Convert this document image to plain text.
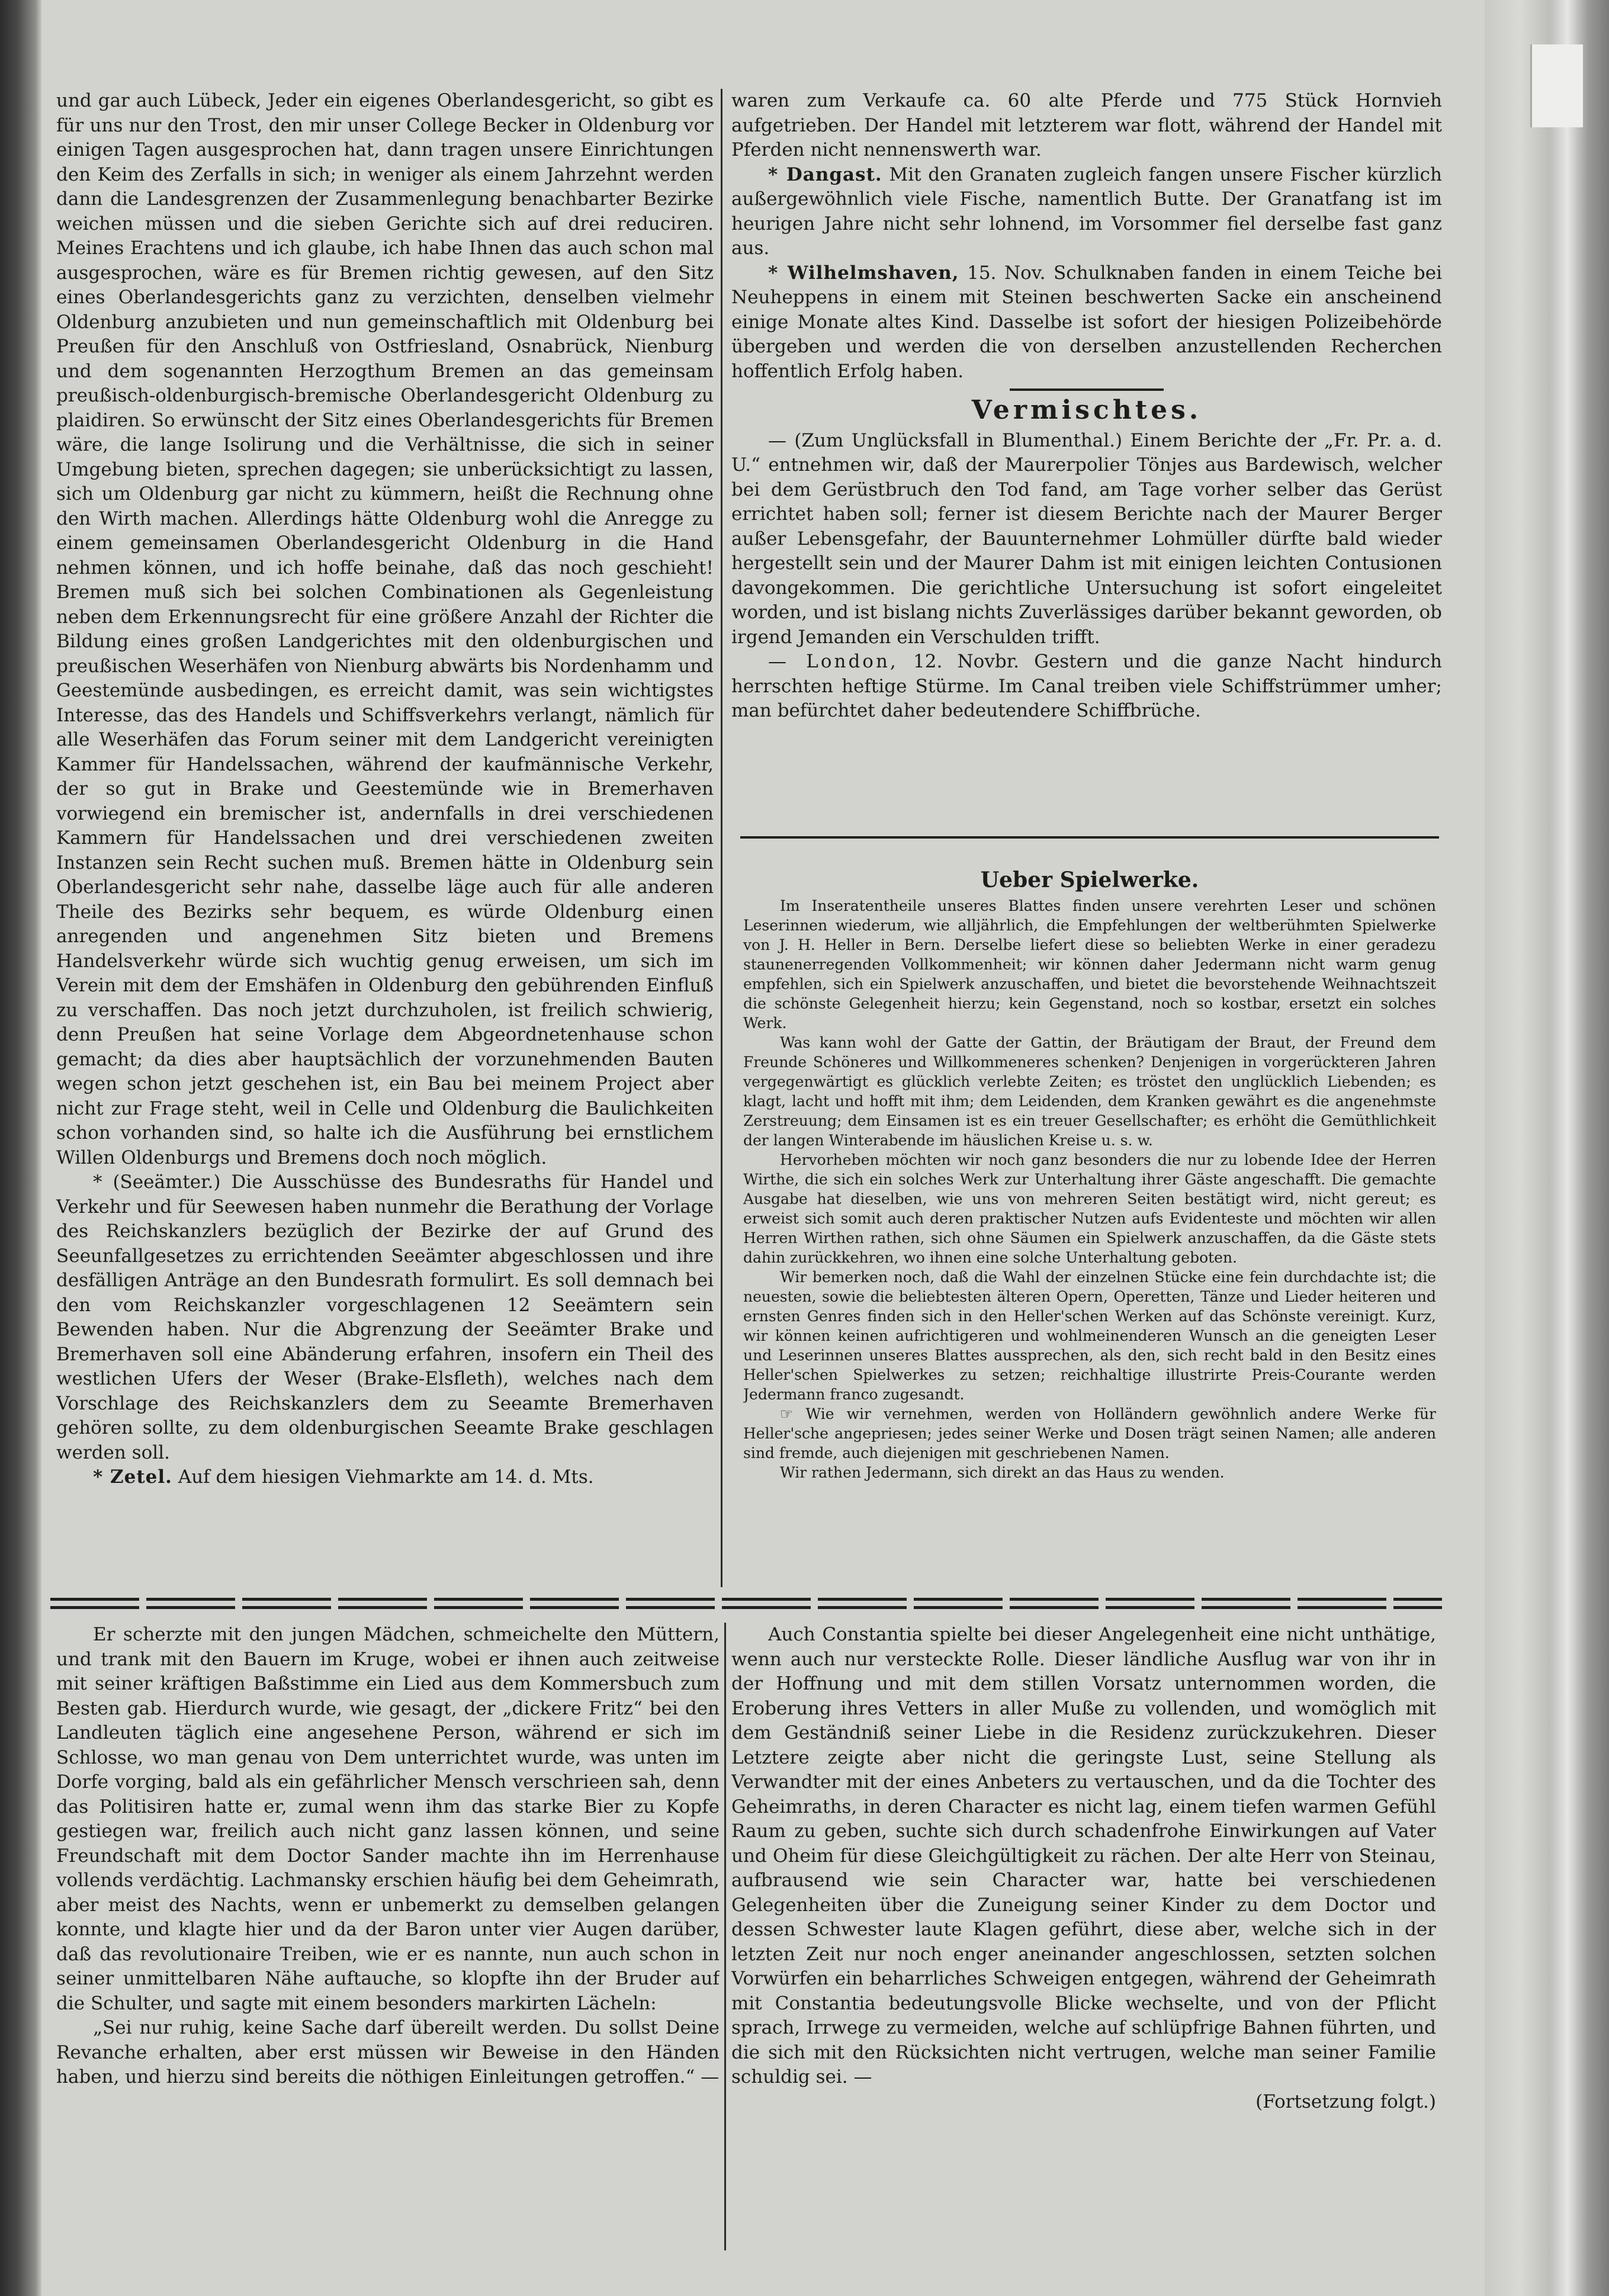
und gar auch Lübeck, Jeder ein eigenes Oberlandesgericht, so gibt es für uns nur den Trost, den mir unser College Becker in Oldenburg vor einigen Tagen ausgesprochen hat, dann tragen unsere Einrichtungen den Keim des Zerfalls in sich; in weniger als einem Jahrzehnt werden dann die Landesgrenzen der Zusammenlegung benachbarter Bezirke weichen müssen und die sieben Gerichte sich auf drei reduciren. Meines Erachtens und ich glaube, ich habe Ihnen das auch schon mal ausgesprochen, wäre es für Bremen richtig gewesen, auf den Sitz eines Oberlandesgerichts ganz zu verzichten, denselben vielmehr Oldenburg anzubieten und nun gemeinschaftlich mit Oldenburg bei Preußen für den Anschluß von Ostfriesland, Osnabrück, Nienburg und dem sogenannten Herzogthum Bremen an das gemeinsam preußisch-oldenburgisch-bremische Oberlandesgericht Oldenburg zu plaidiren. So erwünscht der Sitz eines Oberlandesgerichts für Bremen wäre, die lange Isolirung und die Verhältnisse, die sich in seiner Umgebung bieten, sprechen dagegen; sie unberücksichtigt zu lassen, sich um Oldenburg gar nicht zu kümmern, heißt die Rechnung ohne den Wirth machen. Allerdings hätte Oldenburg wohl die Anregge zu einem gemeinsamen Oberlandesgericht Oldenburg in die Hand nehmen können, und ich hoffe beinahe, daß das noch geschieht! Bremen muß sich bei solchen Combinationen als Gegenleistung neben dem Erkennungsrecht für eine größere Anzahl der Richter die Bildung eines großen Landgerichtes mit den oldenburgischen und preußischen Weserhäfen von Nienburg abwärts bis Nordenhamm und Geestemünde ausbedingen, es erreicht damit, was sein wichtigstes Interesse, das des Handels und Schiffsverkehrs verlangt, nämlich für alle Weserhäfen das Forum seiner mit dem Landgericht vereinigten Kammer für Handelssachen, während der kaufmännische Verkehr, der so gut in Brake und Geestemünde wie in Bremerhaven vorwiegend ein bremischer ist, andernfalls in drei verschiedenen Kammern für Handelssachen und drei verschiedenen zweiten Instanzen sein Recht suchen muß. Bremen hätte in Oldenburg sein Oberlandesgericht sehr nahe, dasselbe läge auch für alle anderen Theile des Bezirks sehr bequem, es würde Oldenburg einen anregenden und angenehmen Sitz bieten und Bremens Handelsverkehr würde sich wuchtig genug erweisen, um sich im Verein mit dem der Emshäfen in Oldenburg den gebührenden Einfluß zu verschaffen. Das noch jetzt durchzuholen, ist freilich schwierig, denn Preußen hat seine Vorlage dem Abgeordnetenhause schon gemacht; da dies aber hauptsächlich der vorzunehmenden Bauten wegen schon jetzt geschehen ist, ein Bau bei meinem Project aber nicht zur Frage steht, weil in Celle und Oldenburg die Baulichkeiten schon vorhanden sind, so halte ich die Ausführung bei ernstlichem Willen Oldenburgs und Bremens doch noch möglich.

* (Seeämter.) Die Ausschüsse des Bundesraths für Handel und Verkehr und für Seewesen haben nunmehr die Berathung der Vorlage des Reichskanzlers bezüglich der Bezirke der auf Grund des Seeunfallgesetzes zu errichtenden Seeämter abgeschlossen und ihre desfälligen Anträge an den Bundesrath formulirt. Es soll demnach bei den vom Reichskanzler vorgeschlagenen 12 Seeämtern sein Bewenden haben. Nur die Abgrenzung der Seeämter Brake und Bremerhaven soll eine Abänderung erfahren, insofern ein Theil des westlichen Ufers der Weser (Brake-Elsfleth), welches nach dem Vorschlage des Reichskanzlers dem zu Seeamte Bremerhaven gehören sollte, zu dem oldenburgischen Seeamte Brake geschlagen werden soll.

* Zetel. Auf dem hiesigen Viehmarkte am 14. d. Mts.

waren zum Verkaufe ca. 60 alte Pferde und 775 Stück Hornvieh aufgetrieben. Der Handel mit letzterem war flott, während der Handel mit Pferden nicht nennenswerth war.

* Dangast. Mit den Granaten zugleich fangen unsere Fischer kürzlich außergewöhnlich viele Fische, namentlich Butte. Der Granatfang ist im heurigen Jahre nicht sehr lohnend, im Vorsommer fiel derselbe fast ganz aus.

* Wilhelmshaven, 15. Nov. Schulknaben fanden in einem Teiche bei Neuheppens in einem mit Steinen beschwerten Sacke ein anscheinend einige Monate altes Kind. Dasselbe ist sofort der hiesigen Polizeibehörde übergeben und werden die von derselben anzustellenden Recherchen hoffentlich Erfolg haben.

Vermischtes.

— (Zum Unglücksfall in Blumenthal.) Einem Berichte der „Fr. Pr. a. d. U.“ entnehmen wir, daß der Maurerpolier Tönjes aus Bardewisch, welcher bei dem Gerüstbruch den Tod fand, am Tage vorher selber das Gerüst errichtet haben soll; ferner ist diesem Berichte nach der Maurer Berger außer Lebensgefahr, der Bauunternehmer Lohmüller dürfte bald wieder hergestellt sein und der Maurer Dahm ist mit einigen leichten Contusionen davongekommen. Die gerichtliche Untersuchung ist sofort eingeleitet worden, und ist bislang nichts Zuverlässiges darüber bekannt geworden, ob irgend Jemanden ein Verschulden trifft.

— London, 12. Novbr. Gestern und die ganze Nacht hindurch herrschten heftige Stürme. Im Canal treiben viele Schiffstrümmer umher; man befürchtet daher bedeutendere Schiffbrüche.

Ueber Spielwerke.

Im Inseratentheile unseres Blattes finden unsere verehrten Leser und schönen Leserinnen wiederum, wie alljährlich, die Empfehlungen der weltberühmten Spielwerke von J. H. Heller in Bern. Derselbe liefert diese so beliebten Werke in einer geradezu staunenerregenden Vollkommenheit; wir können daher Jedermann nicht warm genug empfehlen, sich ein Spielwerk anzuschaffen, und bietet die bevorstehende Weihnachtszeit die schönste Gelegenheit hierzu; kein Gegenstand, noch so kostbar, ersetzt ein solches Werk.

Was kann wohl der Gatte der Gattin, der Bräutigam der Braut, der Freund dem Freunde Schöneres und Willkommeneres schenken? Denjenigen in vorgerückteren Jahren vergegenwärtigt es glücklich verlebte Zeiten; es tröstet den unglücklich Liebenden; es klagt, lacht und hofft mit ihm; dem Leidenden, dem Kranken gewährt es die angenehmste Zerstreuung; dem Einsamen ist es ein treuer Gesellschafter; es erhöht die Gemüthlichkeit der langen Winterabende im häuslichen Kreise u. s. w.

Hervorheben möchten wir noch ganz besonders die nur zu lobende Idee der Herren Wirthe, die sich ein solches Werk zur Unterhaltung ihrer Gäste angeschafft. Die gemachte Ausgabe hat dieselben, wie uns von mehreren Seiten bestätigt wird, nicht gereut; es erweist sich somit auch deren praktischer Nutzen aufs Evidenteste und möchten wir allen Herren Wirthen rathen, sich ohne Säumen ein Spielwerk anzuschaffen, da die Gäste stets dahin zurückkehren, wo ihnen eine solche Unterhaltung geboten.

Wir bemerken noch, daß die Wahl der einzelnen Stücke eine fein durchdachte ist; die neuesten, sowie die beliebtesten älteren Opern, Operetten, Tänze und Lieder heiteren und ernsten Genres finden sich in den Heller'schen Werken auf das Schönste vereinigt. Kurz, wir können keinen aufrichtigeren und wohlmeinenderen Wunsch an die geneigten Leser und Leserinnen unseres Blattes aussprechen, als den, sich recht bald in den Besitz eines Heller'schen Spielwerkes zu setzen; reichhaltige illustrirte Preis-Courante werden Jedermann franco zugesandt.

☞ Wie wir vernehmen, werden von Holländern gewöhnlich andere Werke für Heller'sche angepriesen; jedes seiner Werke und Dosen trägt seinen Namen; alle anderen sind fremde, auch diejenigen mit geschriebenen Namen.

Wir rathen Jedermann, sich direkt an das Haus zu wenden.

Er scherzte mit den jungen Mädchen, schmeichelte den Müttern, und trank mit den Bauern im Kruge, wobei er ihnen auch zeitweise mit seiner kräftigen Baßstimme ein Lied aus dem Kommersbuch zum Besten gab. Hierdurch wurde, wie gesagt, der „dickere Fritz“ bei den Landleuten täglich eine angesehene Person, während er sich im Schlosse, wo man genau von Dem unterrichtet wurde, was unten im Dorfe vorging, bald als ein gefährlicher Mensch verschrieen sah, denn das Politisiren hatte er, zumal wenn ihm das starke Bier zu Kopfe gestiegen war, freilich auch nicht ganz lassen können, und seine Freundschaft mit dem Doctor Sander machte ihn im Herrenhause vollends verdächtig. Lachmansky erschien häufig bei dem Geheimrath, aber meist des Nachts, wenn er unbemerkt zu demselben gelangen konnte, und klagte hier und da der Baron unter vier Augen darüber, daß das revolutionaire Treiben, wie er es nannte, nun auch schon in seiner unmittelbaren Nähe auftauche, so klopfte ihn der Bruder auf die Schulter, und sagte mit einem besonders markirten Lächeln:

„Sei nur ruhig, keine Sache darf übereilt werden. Du sollst Deine Revanche erhalten, aber erst müssen wir Beweise in den Händen haben, und hierzu sind bereits die nöthigen Einleitungen getroffen.“ —

Auch Constantia spielte bei dieser Angelegenheit eine nicht unthätige, wenn auch nur versteckte Rolle. Dieser ländliche Ausflug war von ihr in der Hoffnung und mit dem stillen Vorsatz unternommen worden, die Eroberung ihres Vetters in aller Muße zu vollenden, und womöglich mit dem Geständniß seiner Liebe in die Residenz zurückzukehren. Dieser Letztere zeigte aber nicht die geringste Lust, seine Stellung als Verwandter mit der eines Anbeters zu vertauschen, und da die Tochter des Geheimraths, in deren Character es nicht lag, einem tiefen warmen Gefühl Raum zu geben, suchte sich durch schadenfrohe Einwirkungen auf Vater und Oheim für diese Gleichgültigkeit zu rächen. Der alte Herr von Steinau, aufbrausend wie sein Character war, hatte bei verschiedenen Gelegenheiten über die Zuneigung seiner Kinder zu dem Doctor und dessen Schwester laute Klagen geführt, diese aber, welche sich in der letzten Zeit nur noch enger aneinander angeschlossen, setzten solchen Vorwürfen ein beharrliches Schweigen entgegen, während der Geheimrath mit Constantia bedeutungsvolle Blicke wechselte, und von der Pflicht sprach, Irrwege zu vermeiden, welche auf schlüpfrige Bahnen führten, und die sich mit den Rücksichten nicht vertrugen, welche man seiner Familie schuldig sei. —

(Fortsetzung folgt.)
